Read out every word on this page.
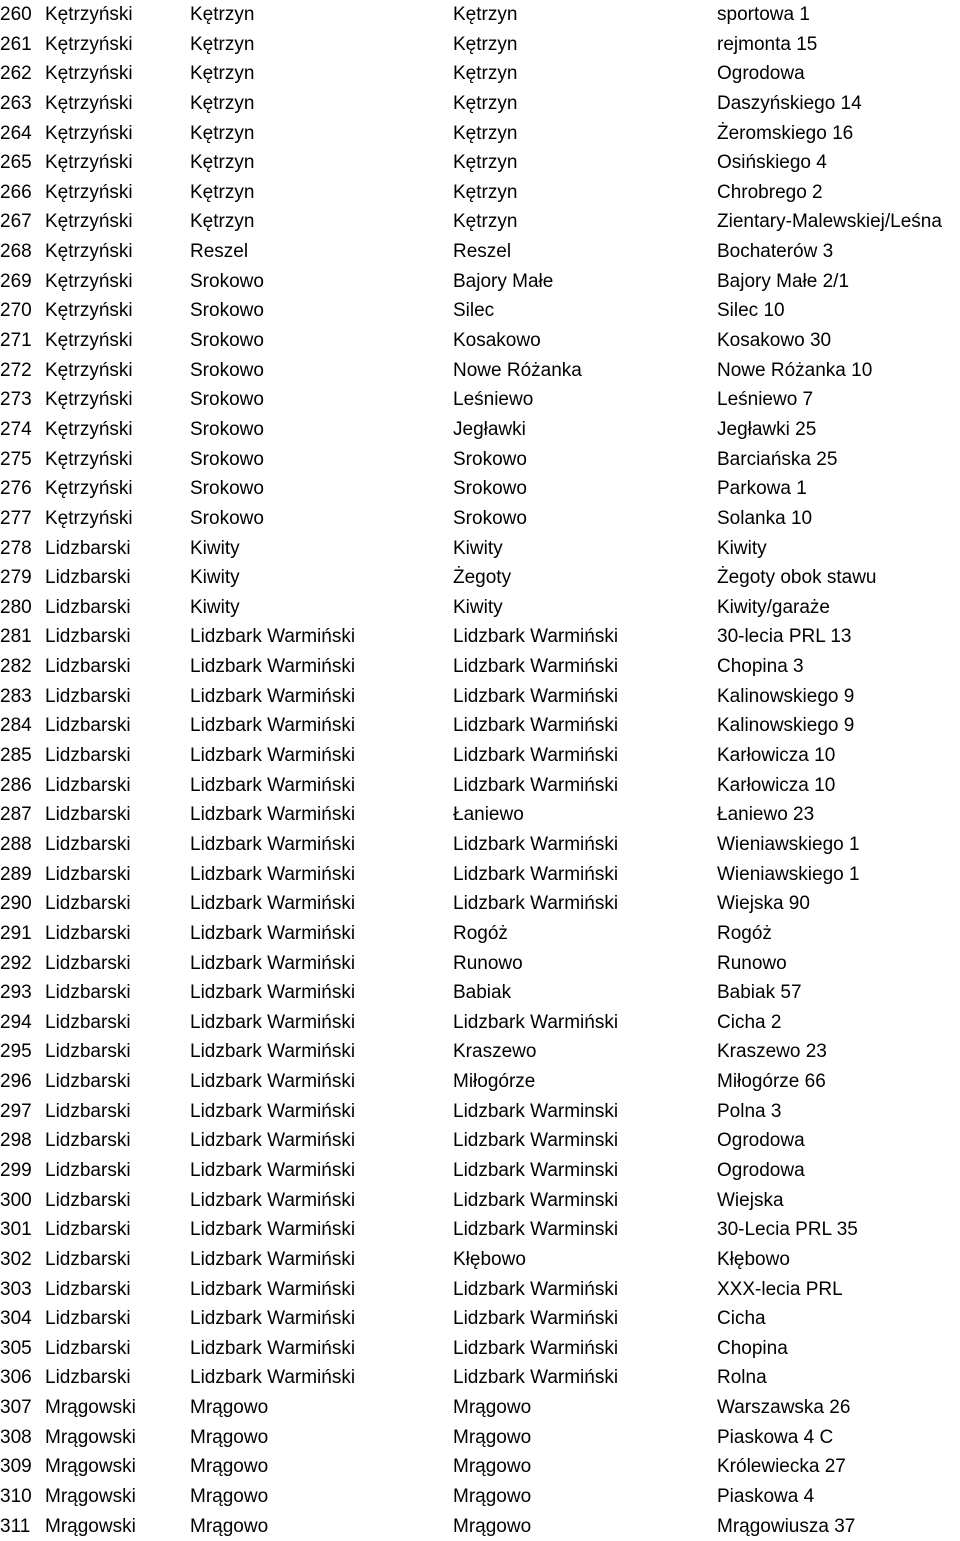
260 Kętrzyński	Kętrzyn	Kętrzyn	sportowa 1
261 Kętrzyński	Kętrzyn	Kętrzyn	rejmonta 15
262 Kętrzyński	Kętrzyn	Kętrzyn	Ogrodowa
263 Kętrzyński	Kętrzyn	Kętrzyn	Daszyńskiego 14
264 Kętrzyński	Kętrzyn	Kętrzyn	Żeromskiego 16
265 Kętrzyński	Kętrzyn	Kętrzyn	Osińskiego 4
266 Kętrzyński	Kętrzyn	Kętrzyn	Chrobrego 2
267 Kętrzyński	Kętrzyn	Kętrzyn	Zientary-Malewskiej/Leśna
268 Kętrzyński	Reszel	Reszel	Bochaterów 3
269 Kętrzyński	Srokowo	Bajory Małe	Bajory Małe 2/1
270 Kętrzyński	Srokowo	Silec	Silec 10
271 Kętrzyński	Srokowo	Kosakowo	Kosakowo 30
272 Kętrzyński	Srokowo	Nowe Różanka	Nowe Różanka 10
273 Kętrzyński	Srokowo	Leśniewo	Leśniewo 7
274 Kętrzyński	Srokowo	Jegławki	Jegławki 25
275 Kętrzyński	Srokowo	Srokowo	Barciańska 25
276 Kętrzyński	Srokowo	Srokowo	Parkowa 1
277 Kętrzyński	Srokowo	Srokowo	Solanka 10
278 Lidzbarski	Kiwity	Kiwity	Kiwity
279 Lidzbarski	Kiwity	Żegoty	Żegoty obok stawu
280 Lidzbarski	Kiwity	Kiwity	Kiwity/garaże
281 Lidzbarski	Lidzbark Warmiński	Lidzbark Warmiński	30-lecia PRL 13
282 Lidzbarski	Lidzbark Warmiński	Lidzbark Warmiński	Chopina 3
283 Lidzbarski	Lidzbark Warmiński	Lidzbark Warmiński	Kalinowskiego 9
284 Lidzbarski	Lidzbark Warmiński	Lidzbark Warmiński	Kalinowskiego 9
285 Lidzbarski	Lidzbark Warmiński	Lidzbark Warmiński	Karłowicza 10
286 Lidzbarski	Lidzbark Warmiński	Lidzbark Warmiński	Karłowicza 10
287 Lidzbarski	Lidzbark Warmiński	Łaniewo	Łaniewo 23
288 Lidzbarski	Lidzbark Warmiński	Lidzbark Warmiński	Wieniawskiego 1
289 Lidzbarski	Lidzbark Warmiński	Lidzbark Warmiński	Wieniawskiego 1
290 Lidzbarski	Lidzbark Warmiński	Lidzbark Warmiński	Wiejska 90
291 Lidzbarski	Lidzbark Warmiński	Rogóż	Rogóż
292 Lidzbarski	Lidzbark Warmiński	Runowo	Runowo
293 Lidzbarski	Lidzbark Warmiński	Babiak	Babiak 57
294 Lidzbarski	Lidzbark Warmiński	Lidzbark Warmiński	Cicha 2
295 Lidzbarski	Lidzbark Warmiński	Kraszewo	Kraszewo 23
296 Lidzbarski	Lidzbark Warmiński	Miłogórze	Miłogórze 66
297 Lidzbarski	Lidzbark Warmiński	Lidzbark Warminski	Polna 3
298 Lidzbarski	Lidzbark Warmiński	Lidzbark Warminski	Ogrodowa
299 Lidzbarski	Lidzbark Warmiński	Lidzbark Warminski	Ogrodowa
300 Lidzbarski	Lidzbark Warmiński	Lidzbark Warminski	Wiejska
301 Lidzbarski	Lidzbark Warmiński	Lidzbark Warminski	30-Lecia PRL 35
302 Lidzbarski	Lidzbark Warmiński	Kłębowo	Kłębowo
303 Lidzbarski	Lidzbark Warmiński	Lidzbark Warmiński	XXX-lecia PRL
304 Lidzbarski	Lidzbark Warmiński	Lidzbark Warmiński	Cicha
305 Lidzbarski	Lidzbark Warmiński	Lidzbark Warmiński	Chopina
306 Lidzbarski	Lidzbark Warmiński	Lidzbark Warmiński	Rolna
307 Mrągowski	Mrągowo	Mrągowo	Warszawska 26
308 Mrągowski	Mrągowo	Mrągowo	Piaskowa 4 C
309 Mrągowski	Mrągowo	Mrągowo	Królewiecka 27
310 Mrągowski	Mrągowo	Mrągowo	Piaskowa 4
311 Mrągowski	Mrągowo	Mrągowo	Mrągowiusza 37
